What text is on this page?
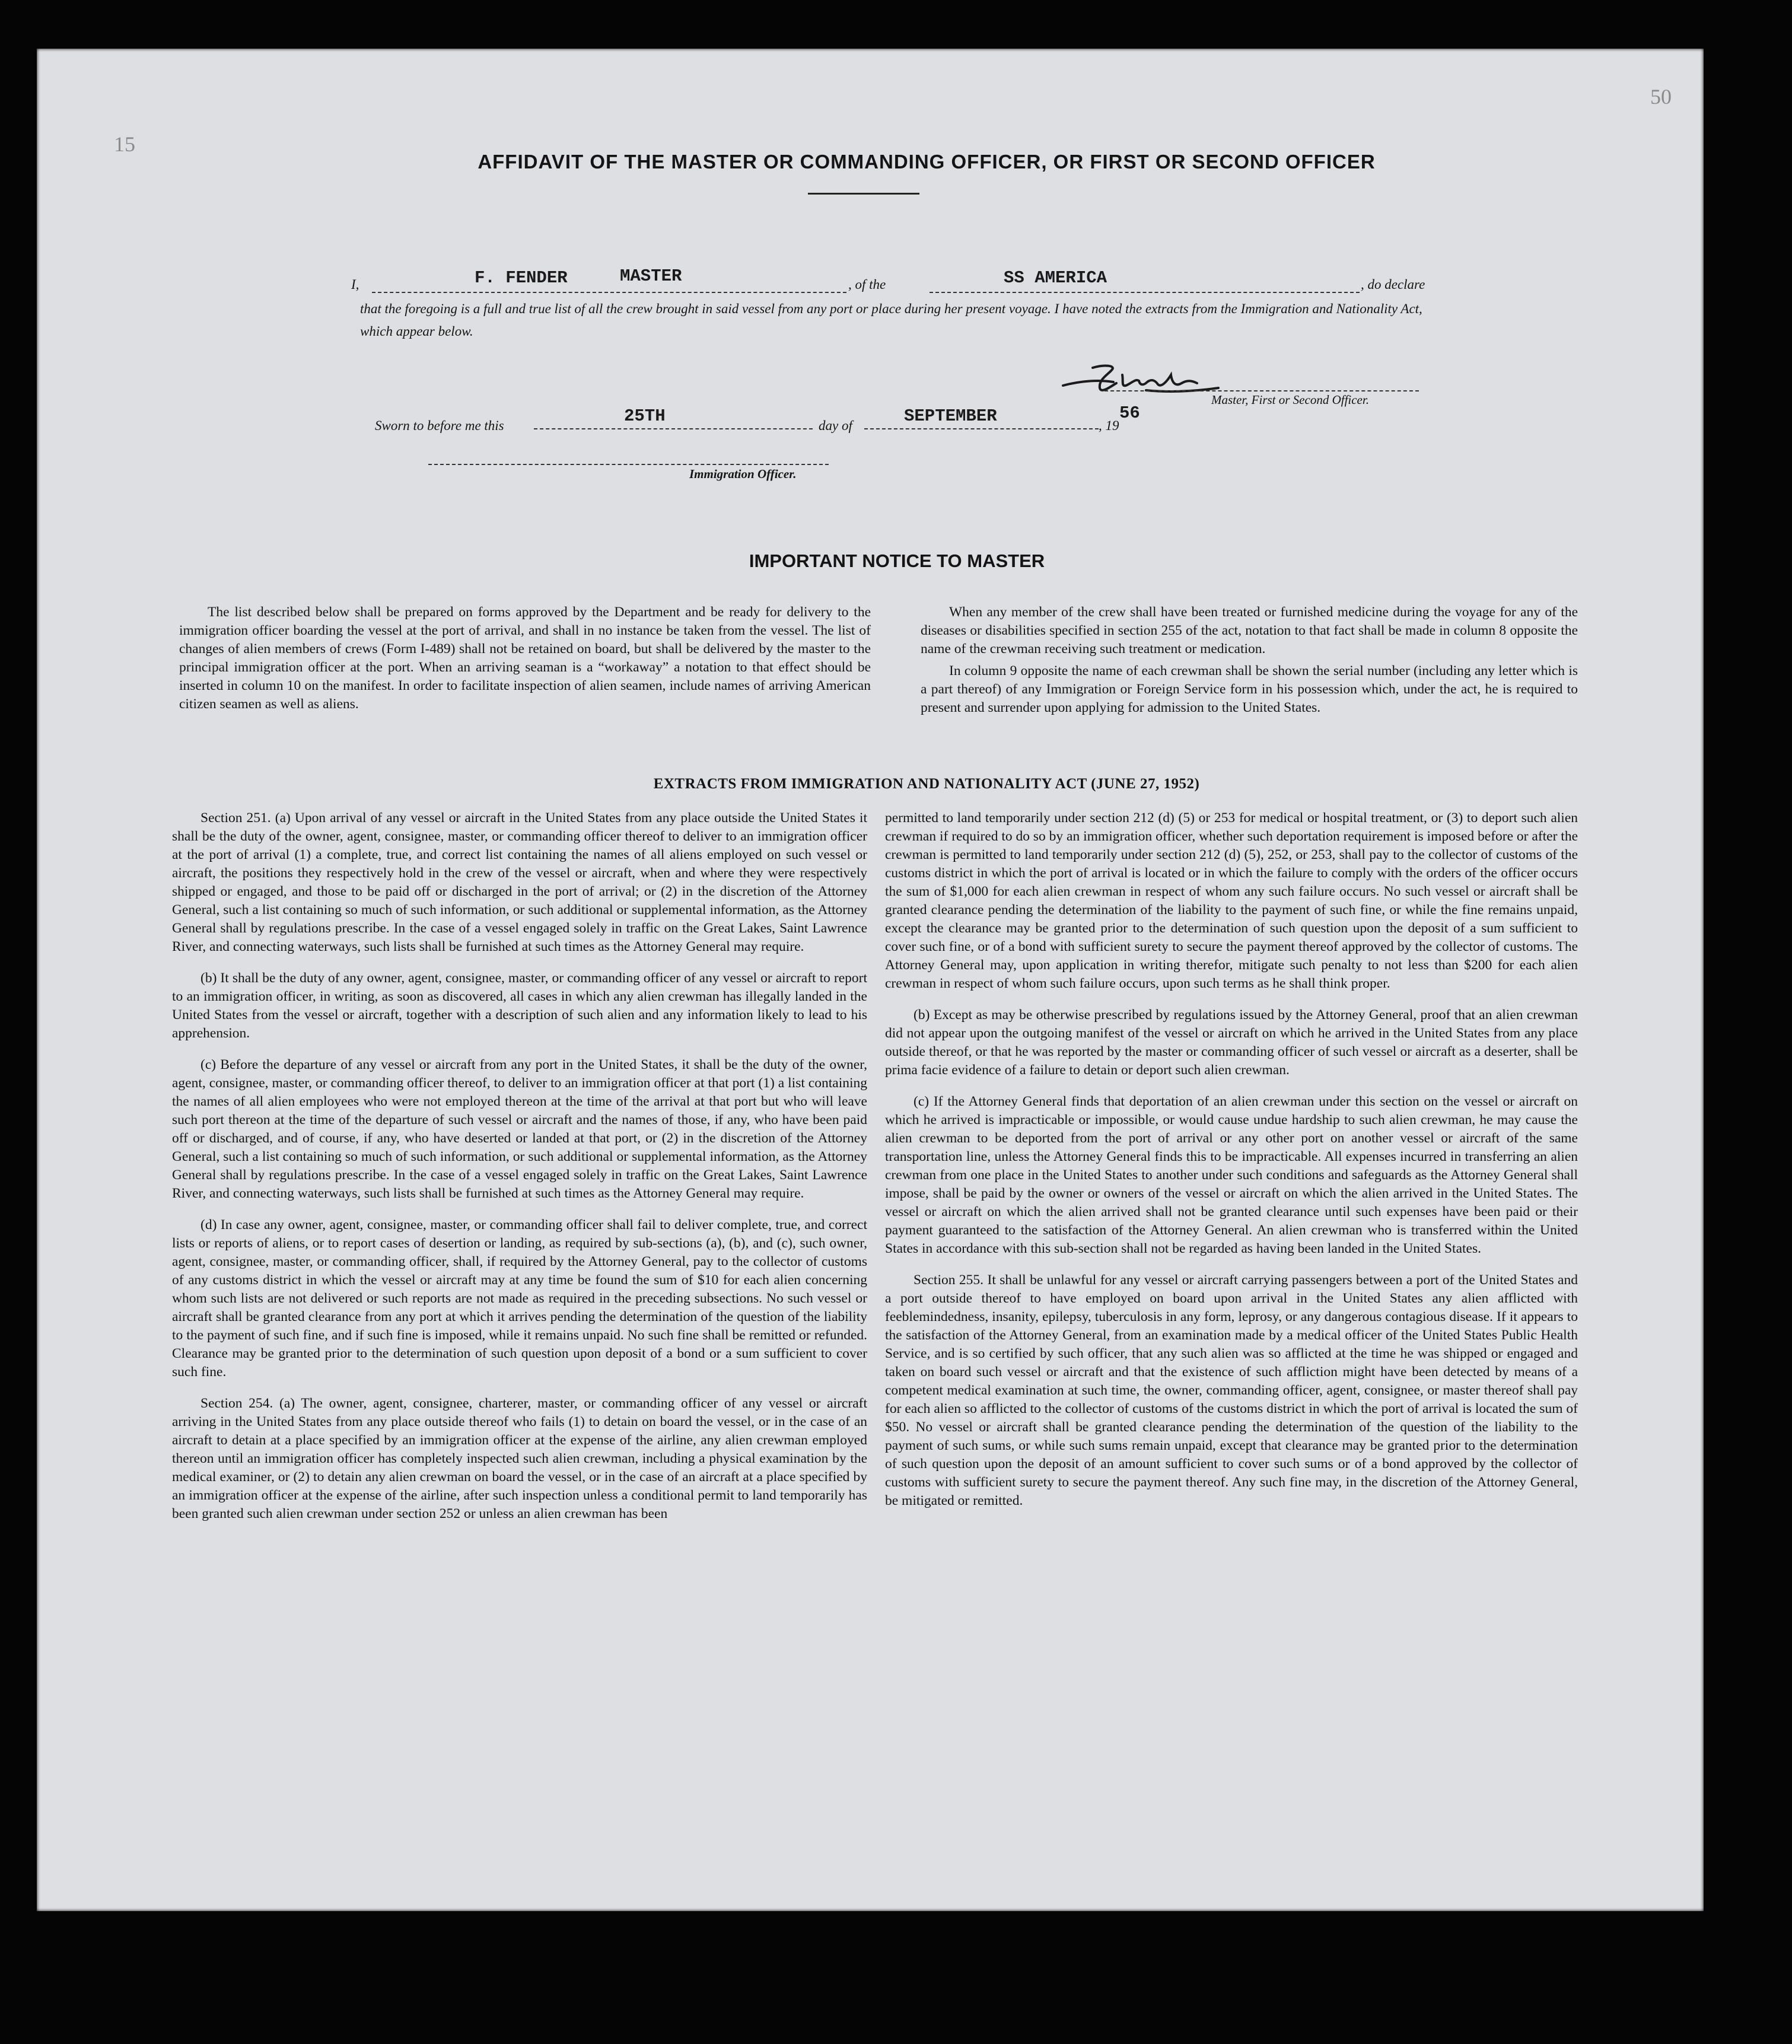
15
50
AFFIDAVIT OF THE MASTER OR COMMANDING OFFICER, OR FIRST OR SECOND OFFICER
I,	F. FENDER	MASTER	, of the	SS AMERICA	, do declare
that the foregoing is a full and true list of all the crew brought in said vessel from any port or place during her present voyage. I have noted the extracts from the Immigration and Nationality Act, which appear below.
Master, First or Second Officer.
Sworn to before me this	25TH	day of	SEPTEMBER	, 19
56
Immigration Officer.
IMPORTANT NOTICE TO MASTER

The list described below shall be prepared on forms approved by the Department and be ready for delivery to the immigration officer boarding the vessel at the port of arrival, and shall in no instance be taken from the vessel. The list of changes of alien members of crews (Form I-489) shall not be retained on board, but shall be delivered by the master to the principal immigration officer at the port. When an arriving seaman is a “workaway” a notation to that effect should be inserted in column 10 on the manifest. In order to facilitate inspection of alien seamen, include names of arriving American citizen seamen as well as aliens.

When any member of the crew shall have been treated or furnished medicine during the voyage for any of the diseases or disabilities specified in section 255 of the act, notation to that fact shall be made in column 8 opposite the name of the crewman receiving such treatment or medication.

In column 9 opposite the name of each crewman shall be shown the serial number (including any letter which is a part thereof) of any Immigration or Foreign Service form in his possession which, under the act, he is required to present and surrender upon applying for admission to the United States.

EXTRACTS FROM IMMIGRATION AND NATIONALITY ACT (JUNE 27, 1952)

Section 251. (a) Upon arrival of any vessel or aircraft in the United States from any place outside the United States it shall be the duty of the owner, agent, consignee, master, or commanding officer thereof to deliver to an immigration officer at the port of arrival (1) a complete, true, and correct list containing the names of all aliens employed on such vessel or aircraft, the positions they respectively hold in the crew of the vessel or aircraft, when and where they were respectively shipped or engaged, and those to be paid off or discharged in the port of arrival; or (2) in the discretion of the Attorney General, such a list containing so much of such information, or such additional or supplemental information, as the Attorney General shall by regulations prescribe. In the case of a vessel engaged solely in traffic on the Great Lakes, Saint Lawrence River, and connecting waterways, such lists shall be furnished at such times as the Attorney General may require.

(b) It shall be the duty of any owner, agent, consignee, master, or commanding officer of any vessel or aircraft to report to an immigration officer, in writing, as soon as discovered, all cases in which any alien crewman has illegally landed in the United States from the vessel or aircraft, together with a description of such alien and any information likely to lead to his apprehension.

(c) Before the departure of any vessel or aircraft from any port in the United States, it shall be the duty of the owner, agent, consignee, master, or commanding officer thereof, to deliver to an immigration officer at that port (1) a list containing the names of all alien employees who were not employed thereon at the time of the arrival at that port but who will leave such port thereon at the time of the departure of such vessel or aircraft and the names of those, if any, who have been paid off or discharged, and of course, if any, who have deserted or landed at that port, or (2) in the discretion of the Attorney General, such a list containing so much of such information, or such additional or supplemental information, as the Attorney General shall by regulations prescribe. In the case of a vessel engaged solely in traffic on the Great Lakes, Saint Lawrence River, and connecting waterways, such lists shall be furnished at such times as the Attorney General may require.

(d) In case any owner, agent, consignee, master, or commanding officer shall fail to deliver complete, true, and correct lists or reports of aliens, or to report cases of desertion or landing, as required by sub-sections (a), (b), and (c), such owner, agent, consignee, master, or commanding officer, shall, if required by the Attorney General, pay to the collector of customs of any customs district in which the vessel or aircraft may at any time be found the sum of $10 for each alien concerning whom such lists are not delivered or such reports are not made as required in the preceding subsections. No such vessel or aircraft shall be granted clearance from any port at which it arrives pending the determination of the question of the liability to the payment of such fine, and if such fine is imposed, while it remains unpaid. No such fine shall be remitted or refunded. Clearance may be granted prior to the determination of such question upon deposit of a bond or a sum sufficient to cover such fine.

Section 254. (a) The owner, agent, consignee, charterer, master, or commanding officer of any vessel or aircraft arriving in the United States from any place outside thereof who fails (1) to detain on board the vessel, or in the case of an aircraft to detain at a place specified by an immigration officer at the expense of the airline, any alien crewman employed thereon until an immigration officer has completely inspected such alien crewman, including a physical examination by the medical examiner, or (2) to detain any alien crewman on board the vessel, or in the case of an aircraft at a place specified by an immigration officer at the expense of the airline, after such inspection unless a conditional permit to land temporarily has been granted such alien crewman under section 252 or unless an alien crewman has been

permitted to land temporarily under section 212 (d) (5) or 253 for medical or hospital treatment, or (3) to deport such alien crewman if required to do so by an immigration officer, whether such deportation requirement is imposed before or after the crewman is permitted to land temporarily under section 212 (d) (5), 252, or 253, shall pay to the collector of customs of the customs district in which the port of arrival is located or in which the failure to comply with the orders of the officer occurs the sum of $1,000 for each alien crewman in respect of whom any such failure occurs. No such vessel or aircraft shall be granted clearance pending the determination of the liability to the payment of such fine, or while the fine remains unpaid, except the clearance may be granted prior to the determination of such question upon the deposit of a sum sufficient to cover such fine, or of a bond with sufficient surety to secure the payment thereof approved by the collector of customs. The Attorney General may, upon application in writing therefor, mitigate such penalty to not less than $200 for each alien crewman in respect of whom such failure occurs, upon such terms as he shall think proper.

(b) Except as may be otherwise prescribed by regulations issued by the Attorney General, proof that an alien crewman did not appear upon the outgoing manifest of the vessel or aircraft on which he arrived in the United States from any place outside thereof, or that he was reported by the master or commanding officer of such vessel or aircraft as a deserter, shall be prima facie evidence of a failure to detain or deport such alien crewman.

(c) If the Attorney General finds that deportation of an alien crewman under this section on the vessel or aircraft on which he arrived is impracticable or impossible, or would cause undue hardship to such alien crewman, he may cause the alien crewman to be deported from the port of arrival or any other port on another vessel or aircraft of the same transportation line, unless the Attorney General finds this to be impracticable. All expenses incurred in transferring an alien crewman from one place in the United States to another under such conditions and safeguards as the Attorney General shall impose, shall be paid by the owner or owners of the vessel or aircraft on which the alien arrived in the United States. The vessel or aircraft on which the alien arrived shall not be granted clearance until such expenses have been paid or their payment guaranteed to the satisfaction of the Attorney General. An alien crewman who is transferred within the United States in accordance with this sub-section shall not be regarded as having been landed in the United States.

Section 255. It shall be unlawful for any vessel or aircraft carrying passengers between a port of the United States and a port outside thereof to have employed on board upon arrival in the United States any alien afflicted with feeblemindedness, insanity, epilepsy, tuberculosis in any form, leprosy, or any dangerous contagious disease. If it appears to the satisfaction of the Attorney General, from an examination made by a medical officer of the United States Public Health Service, and is so certified by such officer, that any such alien was so afflicted at the time he was shipped or engaged and taken on board such vessel or aircraft and that the existence of such affliction might have been detected by means of a competent medical examination at such time, the owner, commanding officer, agent, consignee, or master thereof shall pay for each alien so afflicted to the collector of customs of the customs district in which the port of arrival is located the sum of $50. No vessel or aircraft shall be granted clearance pending the determination of the question of the liability to the payment of such sums, or while such sums remain unpaid, except that clearance may be granted prior to the determination of such question upon the deposit of an amount sufficient to cover such sums or of a bond approved by the collector of customs with sufficient surety to secure the payment thereof. Any such fine may, in the discretion of the Attorney General, be mitigated or remitted.
